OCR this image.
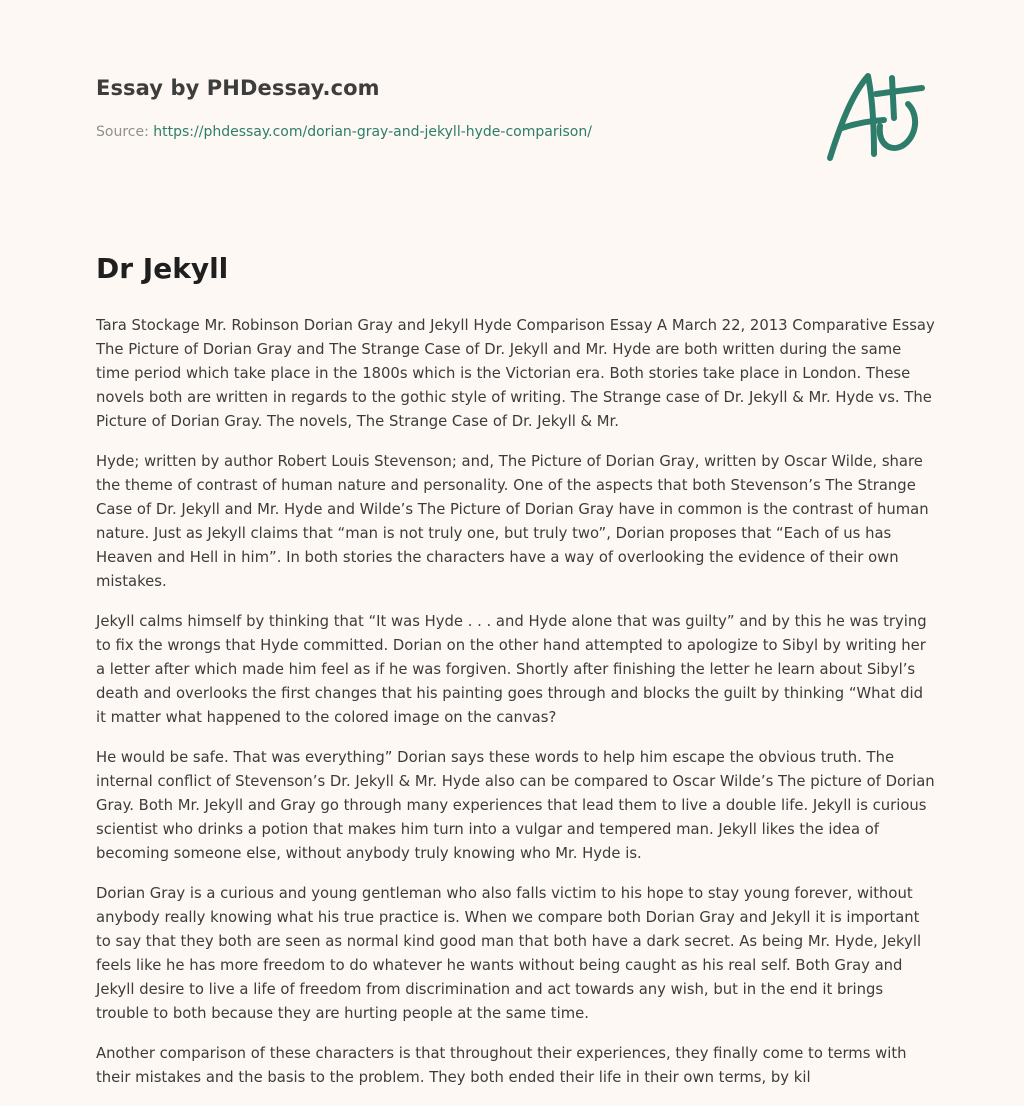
Essay by PHDessay.com
Source: https://phdessay.com/dorian-gray-and-jekyll-hyde-comparison/
Dr Jekyll

Tara Stockage Mr. Robinson Dorian Gray and Jekyll Hyde Comparison Essay A March 22, 2013 Comparative Essay The Picture of Dorian Gray and The Strange Case of Dr. Jekyll and Mr. Hyde are both written during the same time period which take place in the 1800s which is the Victorian era. Both stories take place in London. These novels both are written in regards to the gothic style of writing. The Strange case of Dr. Jekyll & Mr. Hyde vs. The Picture of Dorian Gray. The novels, The Strange Case of Dr. Jekyll & Mr.

Hyde; written by author Robert Louis Stevenson; and, The Picture of Dorian Gray, written by Oscar Wilde, share the theme of contrast of human nature and personality. One of the aspects that both Stevenson’s The Strange Case of Dr. Jekyll and Mr. Hyde and Wilde’s The Picture of Dorian Gray have in common is the contrast of human nature. Just as Jekyll claims that “man is not truly one, but truly two”, Dorian proposes that “Each of us has Heaven and Hell in him”. In both stories the characters have a way of overlooking the evidence of their own mistakes.

Jekyll calms himself by thinking that “It was Hyde . . . and Hyde alone that was guilty” and by this he was trying to fix the wrongs that Hyde committed. Dorian on the other hand attempted to apologize to Sibyl by writing her a letter after which made him feel as if he was forgiven. Shortly after finishing the letter he learn about Sibyl’s death and overlooks the first changes that his painting goes through and blocks the guilt by thinking “What did it matter what happened to the colored image on the canvas?

He would be safe. That was everything” Dorian says these words to help him escape the obvious truth. The internal conflict of Stevenson’s Dr. Jekyll & Mr. Hyde also can be compared to Oscar Wilde’s The picture of Dorian Gray. Both Mr. Jekyll and Gray go through many experiences that lead them to live a double life. Jekyll is curious scientist who drinks a potion that makes him turn into a vulgar and tempered man. Jekyll likes the idea of becoming someone else, without anybody truly knowing who Mr. Hyde is.

Dorian Gray is a curious and young gentleman who also falls victim to his hope to stay young forever, without anybody really knowing what his true practice is. When we compare both Dorian Gray and Jekyll it is important to say that they both are seen as normal kind good man that both have a dark secret. As being Mr. Hyde, Jekyll feels like he has more freedom to do whatever he wants without being caught as his real self. Both Gray and Jekyll desire to live a life of freedom from discrimination and act towards any wish, but in the end it brings trouble to both because they are hurting people at the same time.

Another comparison of these characters is that throughout their experiences, they finally come to terms with their mistakes and the basis to the problem. They both ended their life in their own terms, by kil
